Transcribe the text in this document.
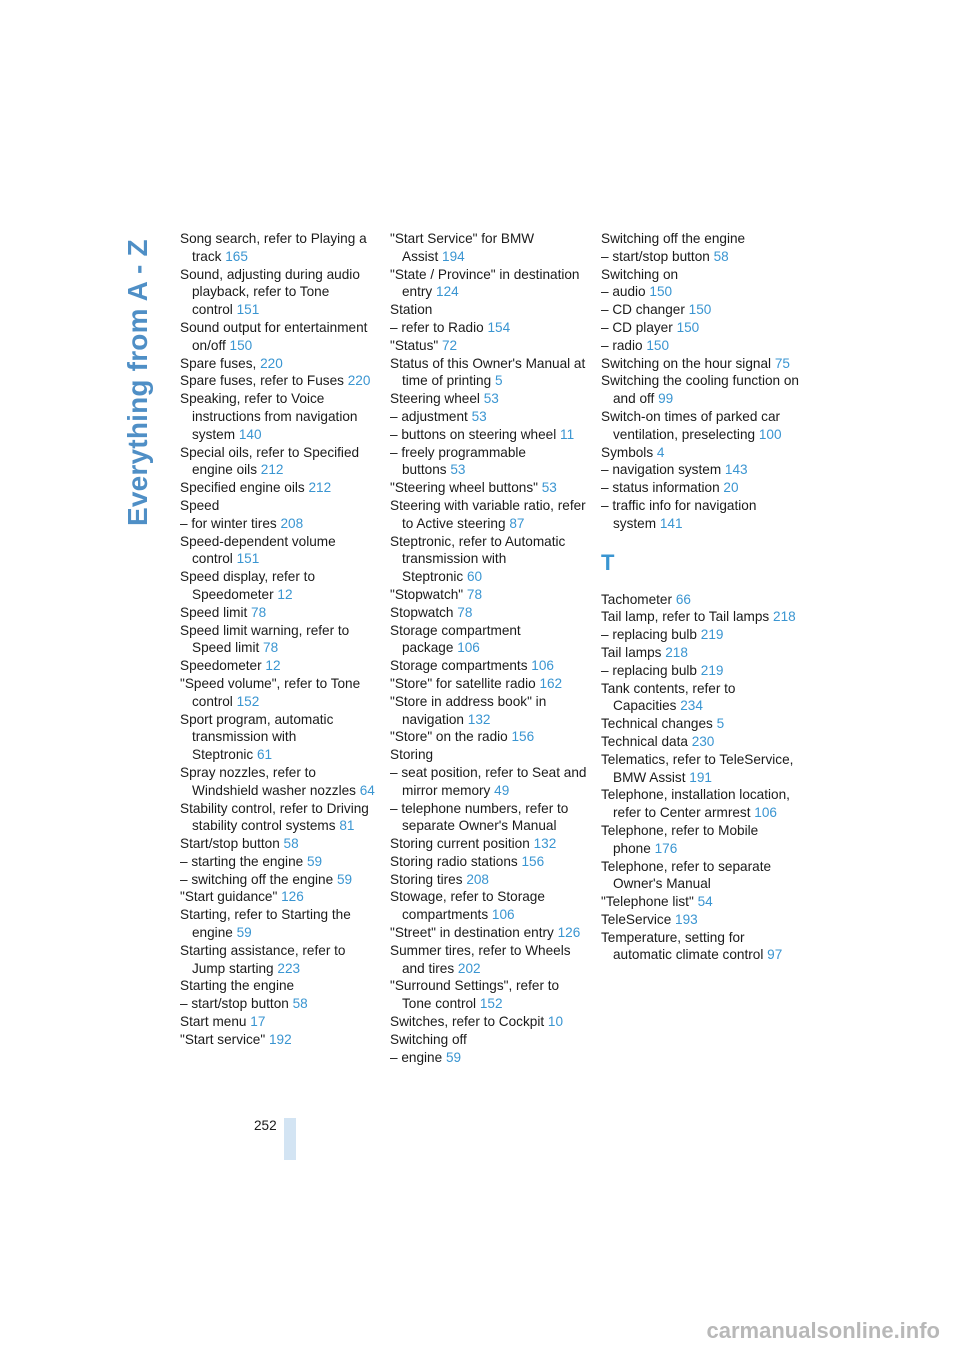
Everything from A - Z
Song search, refer to Playing a track 165
Sound, adjusting during audio playback, refer to Tone control 151
Sound output for entertainment on/off 150
Spare fuses, 220
Spare fuses, refer to Fuses 220
Speaking, refer to Voice instructions from navigation system 140
Special oils, refer to Specified engine oils 212
Specified engine oils 212
Speed
– for winter tires 208
Speed-dependent volume control 151
Speed display, refer to Speedometer 12
Speed limit 78
Speed limit warning, refer to Speed limit 78
Speedometer 12
"Speed volume", refer to Tone control 152
Sport program, automatic transmission with Steptronic 61
Spray nozzles, refer to Windshield washer nozzles 64
Stability control, refer to Driving stability control systems 81
Start/stop button 58
– starting the engine 59
– switching off the engine 59
"Start guidance" 126
Starting, refer to Starting the engine 59
Starting assistance, refer to Jump starting 223
Starting the engine
– start/stop button 58
Start menu 17
"Start service" 192
"Start Service" for BMW Assist 194
"State / Province" in destination entry 124
Station
– refer to Radio 154
"Status" 72
Status of this Owner's Manual at time of printing 5
Steering wheel 53
– adjustment 53
– buttons on steering wheel 11
– freely programmable buttons 53
"Steering wheel buttons" 53
Steering with variable ratio, refer to Active steering 87
Steptronic, refer to Automatic transmission with Steptronic 60
"Stopwatch" 78
Stopwatch 78
Storage compartment package 106
Storage compartments 106
"Store" for satellite radio 162
"Store in address book" in navigation 132
"Store" on the radio 156
Storing
– seat position, refer to Seat and mirror memory 49
– telephone numbers, refer to separate Owner's Manual
Storing current position 132
Storing radio stations 156
Storing tires 208
Stowage, refer to Storage compartments 106
"Street" in destination entry 126
Summer tires, refer to Wheels and tires 202
"Surround Settings", refer to Tone control 152
Switches, refer to Cockpit 10
Switching off
– engine 59
Switching off the engine
– start/stop button 58
Switching on
– audio 150
– CD changer 150
– CD player 150
– radio 150
Switching on the hour signal 75
Switching the cooling function on and off 99
Switch-on times of parked car ventilation, preselecting 100
Symbols 4
– navigation system 143
– status information 20
– traffic info for navigation system 141
T
Tachometer 66
Tail lamp, refer to Tail lamps 218
– replacing bulb 219
Tail lamps 218
– replacing bulb 219
Tank contents, refer to Capacities 234
Technical changes 5
Technical data 230
Telematics, refer to TeleService, BMW Assist 191
Telephone, installation location, refer to Center armrest 106
Telephone, refer to Mobile phone 176
Telephone, refer to separate Owner's Manual
"Telephone list" 54
TeleService 193
Temperature, setting for automatic climate control 97
252
carmanualsonline.info
